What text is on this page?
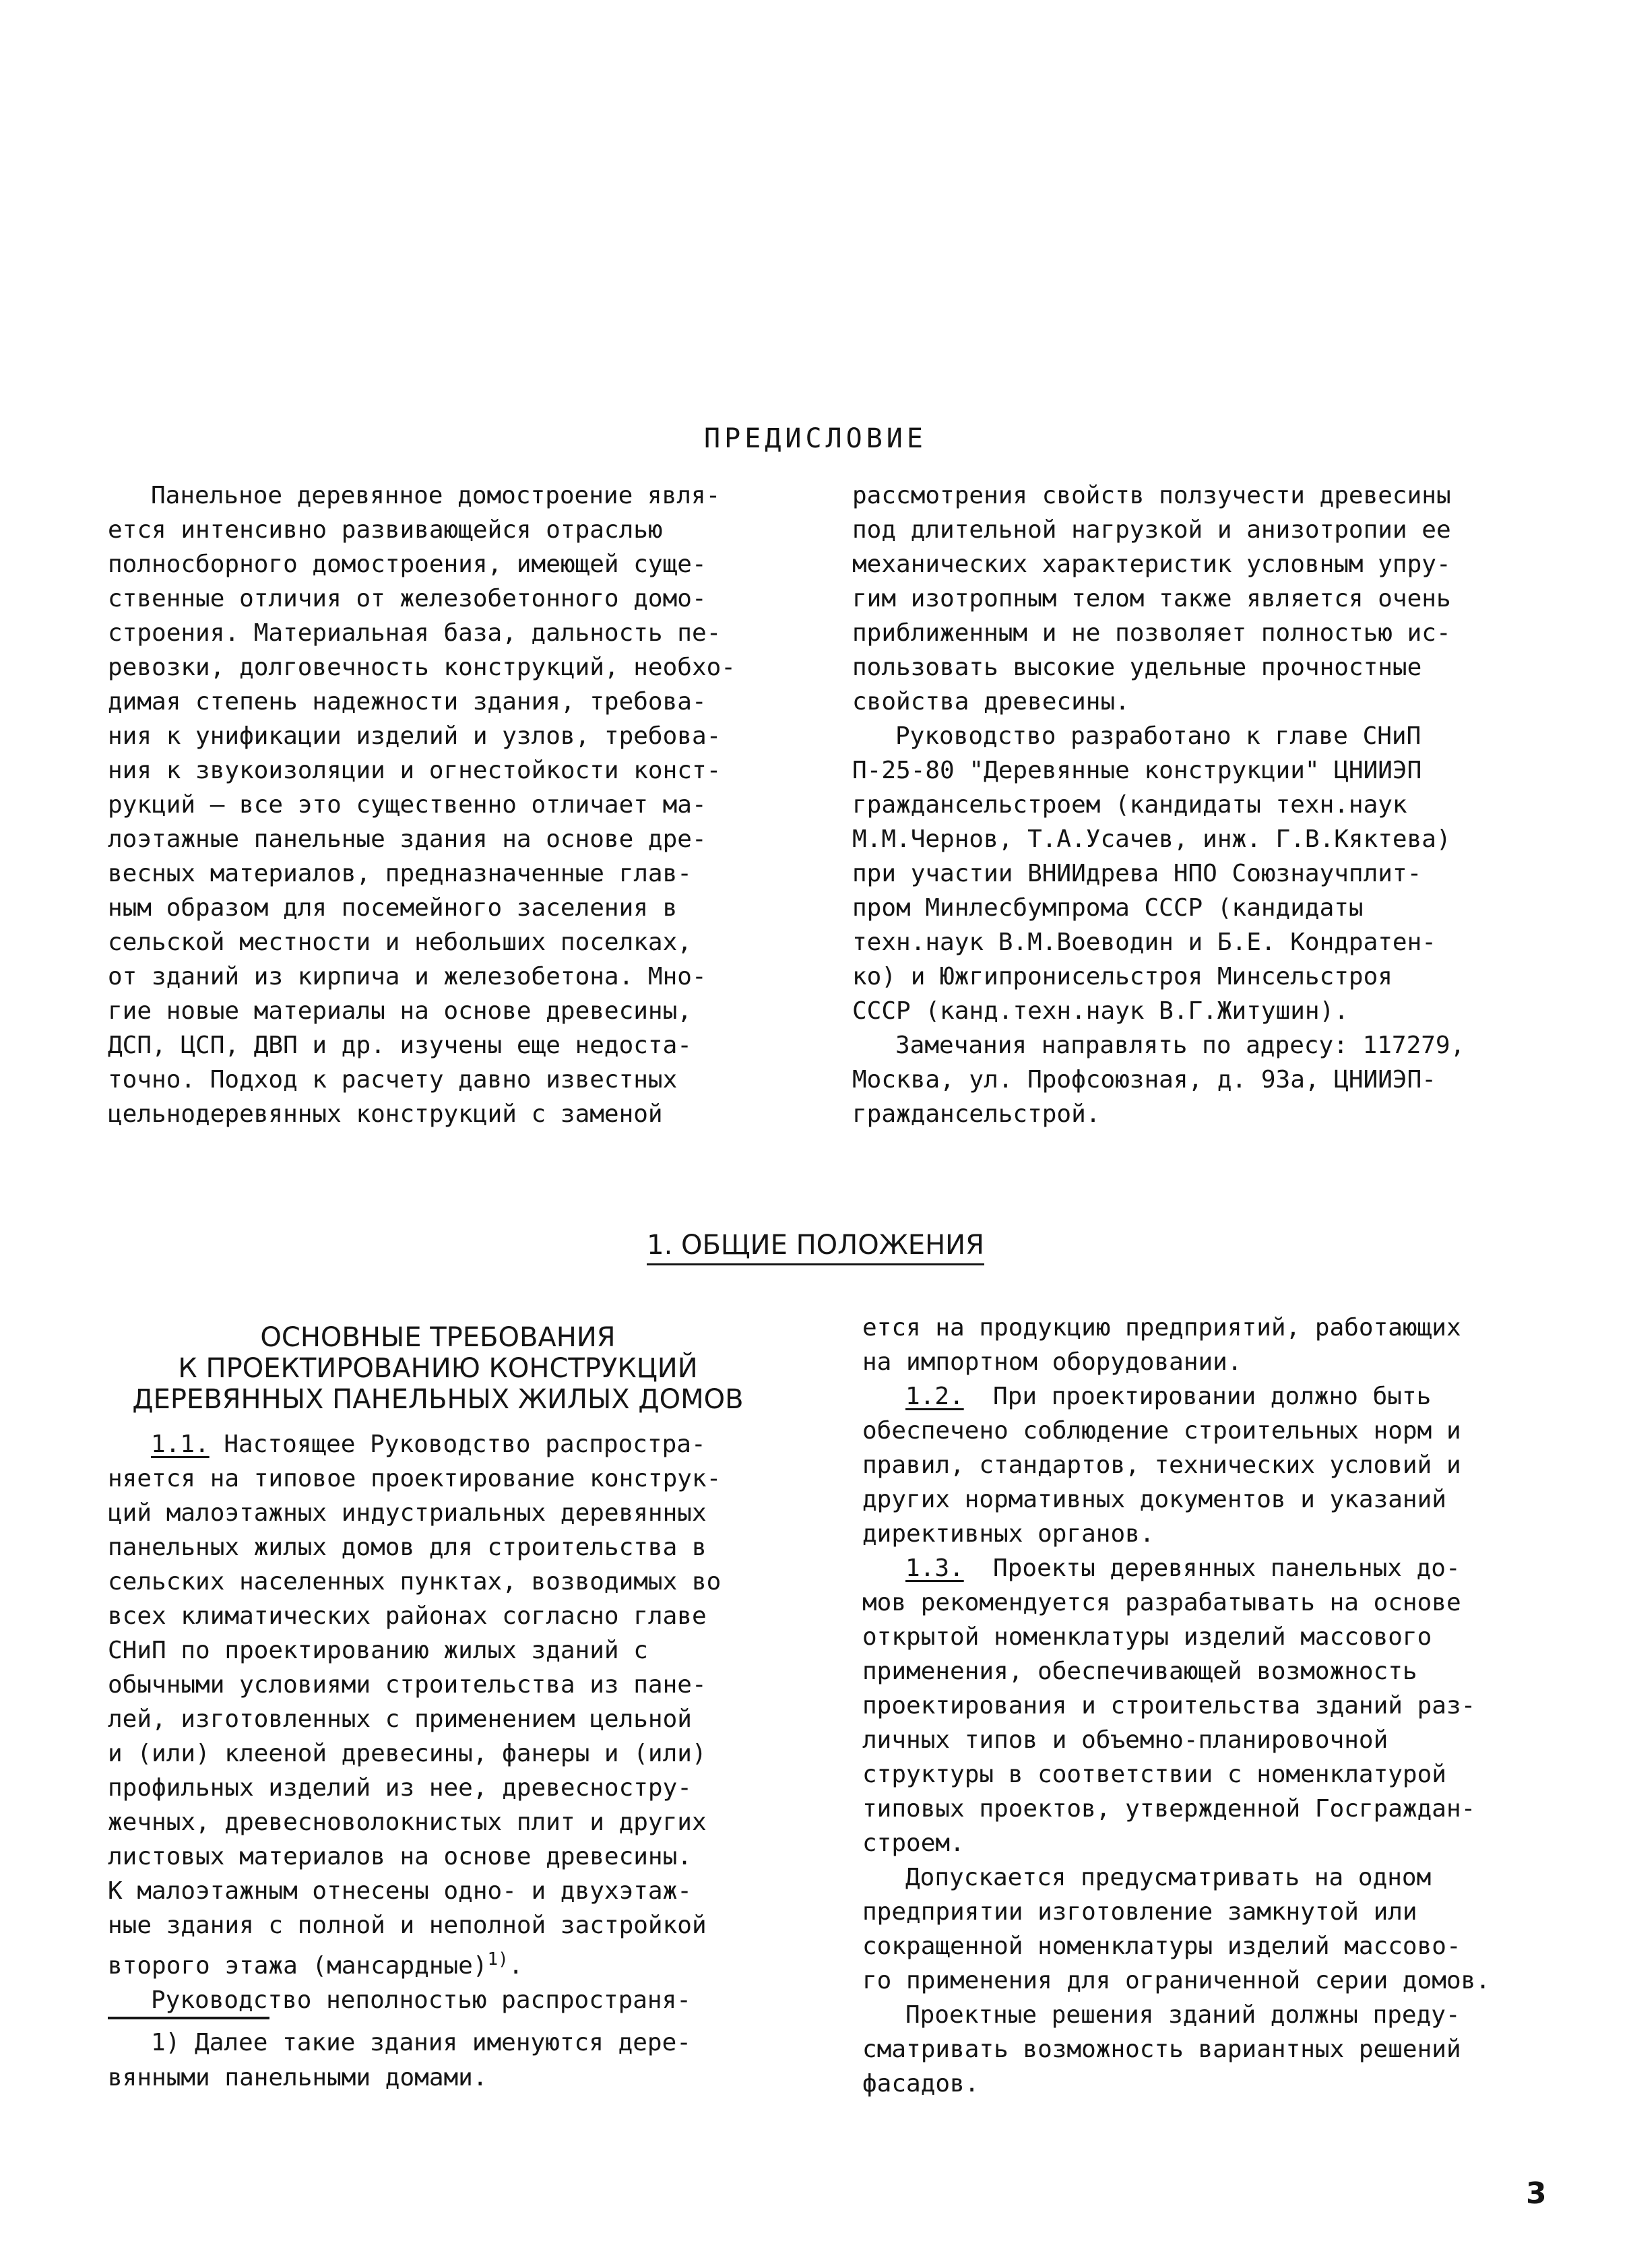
ПРЕДИСЛОВИЕ
Панельное деревянное домостроение явля-
ется интенсивно развивающейся отраслью
полносборного домостроения, имеющей суще-
ственные отличия от железобетонного домо-
строения. Материальная база, дальность пе-
ревозки, долговечность конструкций, необхо-
димая степень надежности здания, требова-
ния к унификации изделий и узлов, требова-
ния к звукоизоляции и огнестойкости конст-
рукций – все это существенно отличает ма-
лоэтажные панельные здания на основе дре-
весных материалов, предназначенные глав-
ным образом для посемейного заселения в
сельской местности и небольших поселках,
от зданий из кирпича и железобетона. Мно-
гие новые материалы на основе древесины,
ДСП, ЦСП, ДВП и др. изучены еще недоста-
точно. Подход к расчету давно известных
цельнодеревянных конструкций с заменой
рассмотрения свойств ползучести древесины
под длительной нагрузкой и анизотропии ее
механических характеристик условным упру-
гим изотропным телом также является очень
приближенным и не позволяет полностью ис-
пользовать высокие удельные прочностные
свойства древесины.
Руководство разработано к главе СНиП
П-25-80 "Деревянные конструкции" ЦНИИЭП
граждансельстроем (кандидаты техн.наук
М.М.Чернов, Т.А.Усачев, инж. Г.В.Кяктева)
при участии ВНИИдрева НПО Союзнаучплит-
пром Минлесбумпрома СССР (кандидаты
техн.наук В.М.Воеводин и Б.Е. Кондратен-
ко) и Южгипронисельстроя Минсельстроя
СССР (канд.техн.наук В.Г.Житушин).
Замечания направлять по адресу: 117279,
Москва, ул. Профсоюзная, д. 93а, ЦНИИЭП-
граждансельстрой.
1. ОБЩИЕ ПОЛОЖЕНИЯ
ОСНОВНЫЕ ТРЕБОВАНИЯ
К ПРОЕКТИРОВАНИЮ КОНСТРУКЦИЙ
ДЕРЕВЯННЫХ ПАНЕЛЬНЫХ ЖИЛЫХ ДОМОВ

1.1. Настоящее Руководство распростра-
няется на типовое проектирование конструк-
ций малоэтажных индустриальных деревянных
панельных жилых домов для строительства в
сельских населенных пунктах, возводимых во
всех климатических районах согласно главе
СНиП по проектированию жилых зданий с
обычными условиями строительства из пане-
лей, изготовленных с применением цельной
и (или) клееной древесины, фанеры и (или)
профильных изделий из нее, древесностру-
жечных, древесноволокнистых плит и других
листовых материалов на основе древесины.
К малоэтажным отнесены одно- и двухэтаж-
ные здания с полной и неполной застройкой
второго этажа (мансардные)$^{1)}$.
Руководство неполностью распространя-

1) Далее такие здания именуются дере-
вянными панельными домами.

ется на продукцию предприятий, работающих
на импортном оборудовании.

1.2.  При проектировании должно быть
обеспечено соблюдение строительных норм и
правил, стандартов, технических условий и
других нормативных документов и указаний
директивных органов.

1.3.  Проекты деревянных панельных до-
мов рекомендуется разрабатывать на основе
открытой номенклатуры изделий массового
применения, обеспечивающей возможность
проектирования и строительства зданий раз-
личных типов и объемно-планировочной
структуры в соответствии с номенклатурой
типовых проектов, утвержденной Госграждан-
строем.

Допускается предусматривать на одном
предприятии изготовление замкнутой или
сокращенной номенклатуры изделий массово-
го применения для ограниченной серии домов.

Проектные решения зданий должны преду-
сматривать возможность вариантных решений
фасадов.

3
